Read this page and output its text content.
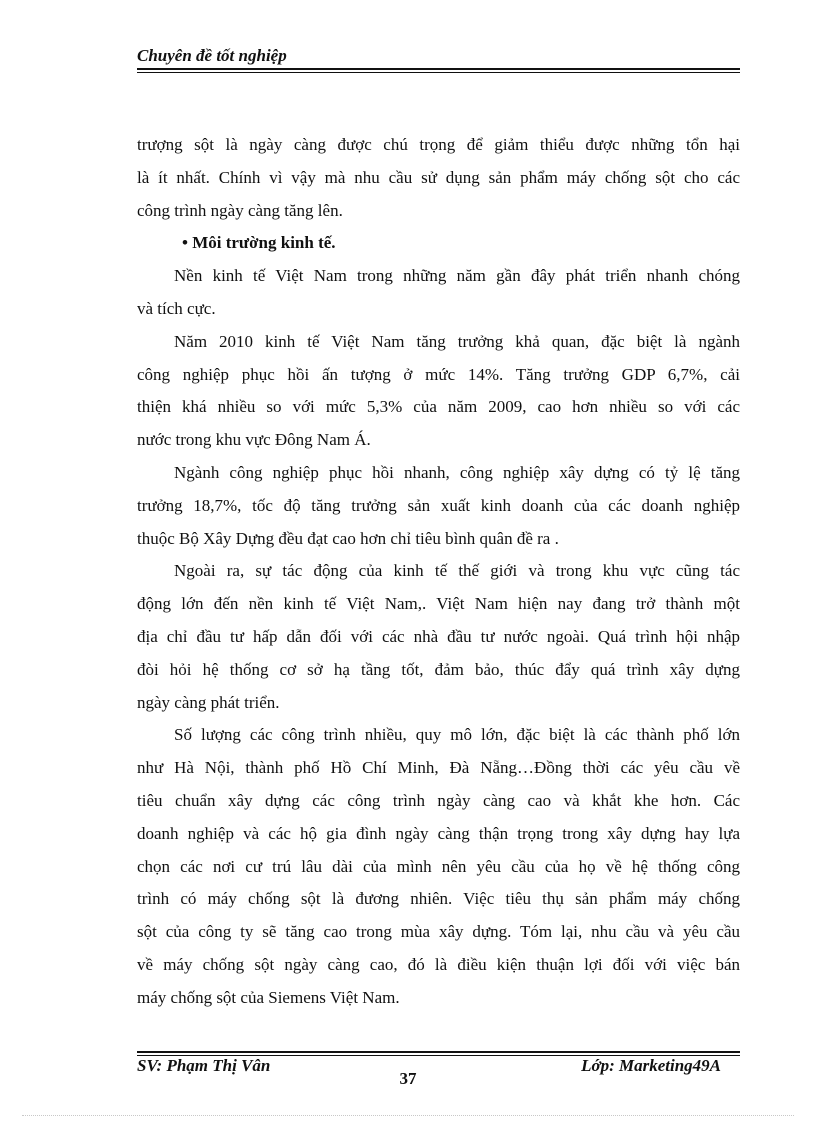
Chuyên đề tốt nghiệp

trượng sột là ngày càng được chú trọng để giảm thiểu được những tổn hại

là ít nhất. Chính vì vậy mà nhu cầu sử dụng sản phẩm máy chống sột cho các

công trình ngày càng tăng lên.

• Môi trường kinh tế.

Nền kinh tế Việt Nam trong những năm gần đây phát triển nhanh chóng

và tích cực.

Năm 2010 kinh tế Việt Nam tăng trưởng khả quan, đặc biệt là ngành

công nghiệp phục hồi ấn tượng ở mức 14%. Tăng trưởng GDP 6,7%, cải

thiện khá nhiều so với mức 5,3% của năm 2009, cao hơn nhiều so với các

nước trong khu vực Đông Nam Á.

Ngành công nghiệp phục hồi nhanh, công nghiệp xây dựng có tỷ lệ tăng

trưởng 18,7%, tốc độ tăng trưởng sản xuất kinh doanh của các doanh nghiệp

thuộc Bộ Xây Dựng đều đạt cao hơn chỉ tiêu bình quân đề ra .

Ngoài ra, sự tác động của kinh tế thế giới và trong khu vực cũng tác

động lớn đến nền kinh tế Việt Nam,. Việt Nam hiện nay đang trở thành một

địa chỉ đầu tư hấp dẫn đối với các nhà đầu tư nước ngoài. Quá trình hội nhập

đòi hỏi hệ thống cơ sở hạ tầng tốt, đảm bảo, thúc đẩy quá trình xây dựng

ngày càng phát triển.

Số lượng các công trình nhiều, quy mô lớn, đặc biệt là các thành phố lớn

như Hà Nội, thành phố Hồ Chí Minh, Đà Nẵng…Đồng thời các yêu cầu về

tiêu chuẩn xây dựng các công trình ngày càng cao và khắt khe hơn. Các

doanh nghiệp và các hộ gia đình ngày càng thận trọng trong xây dựng hay lựa

chọn các nơi cư trú lâu dài của mình nên yêu cầu của họ về hệ thống công

trình có máy chống sột là đương nhiên. Việc tiêu thụ sản phẩm máy chống

sột của công ty sẽ tăng cao trong mùa xây dựng. Tóm lại, nhu cầu và yêu cầu

về máy chống sột ngày càng cao, đó là điều kiện thuận lợi đối với việc bán

máy chống sột của Siemens Việt Nam.

SV: Phạm Thị Vân	Lớp: Marketing49A

37
